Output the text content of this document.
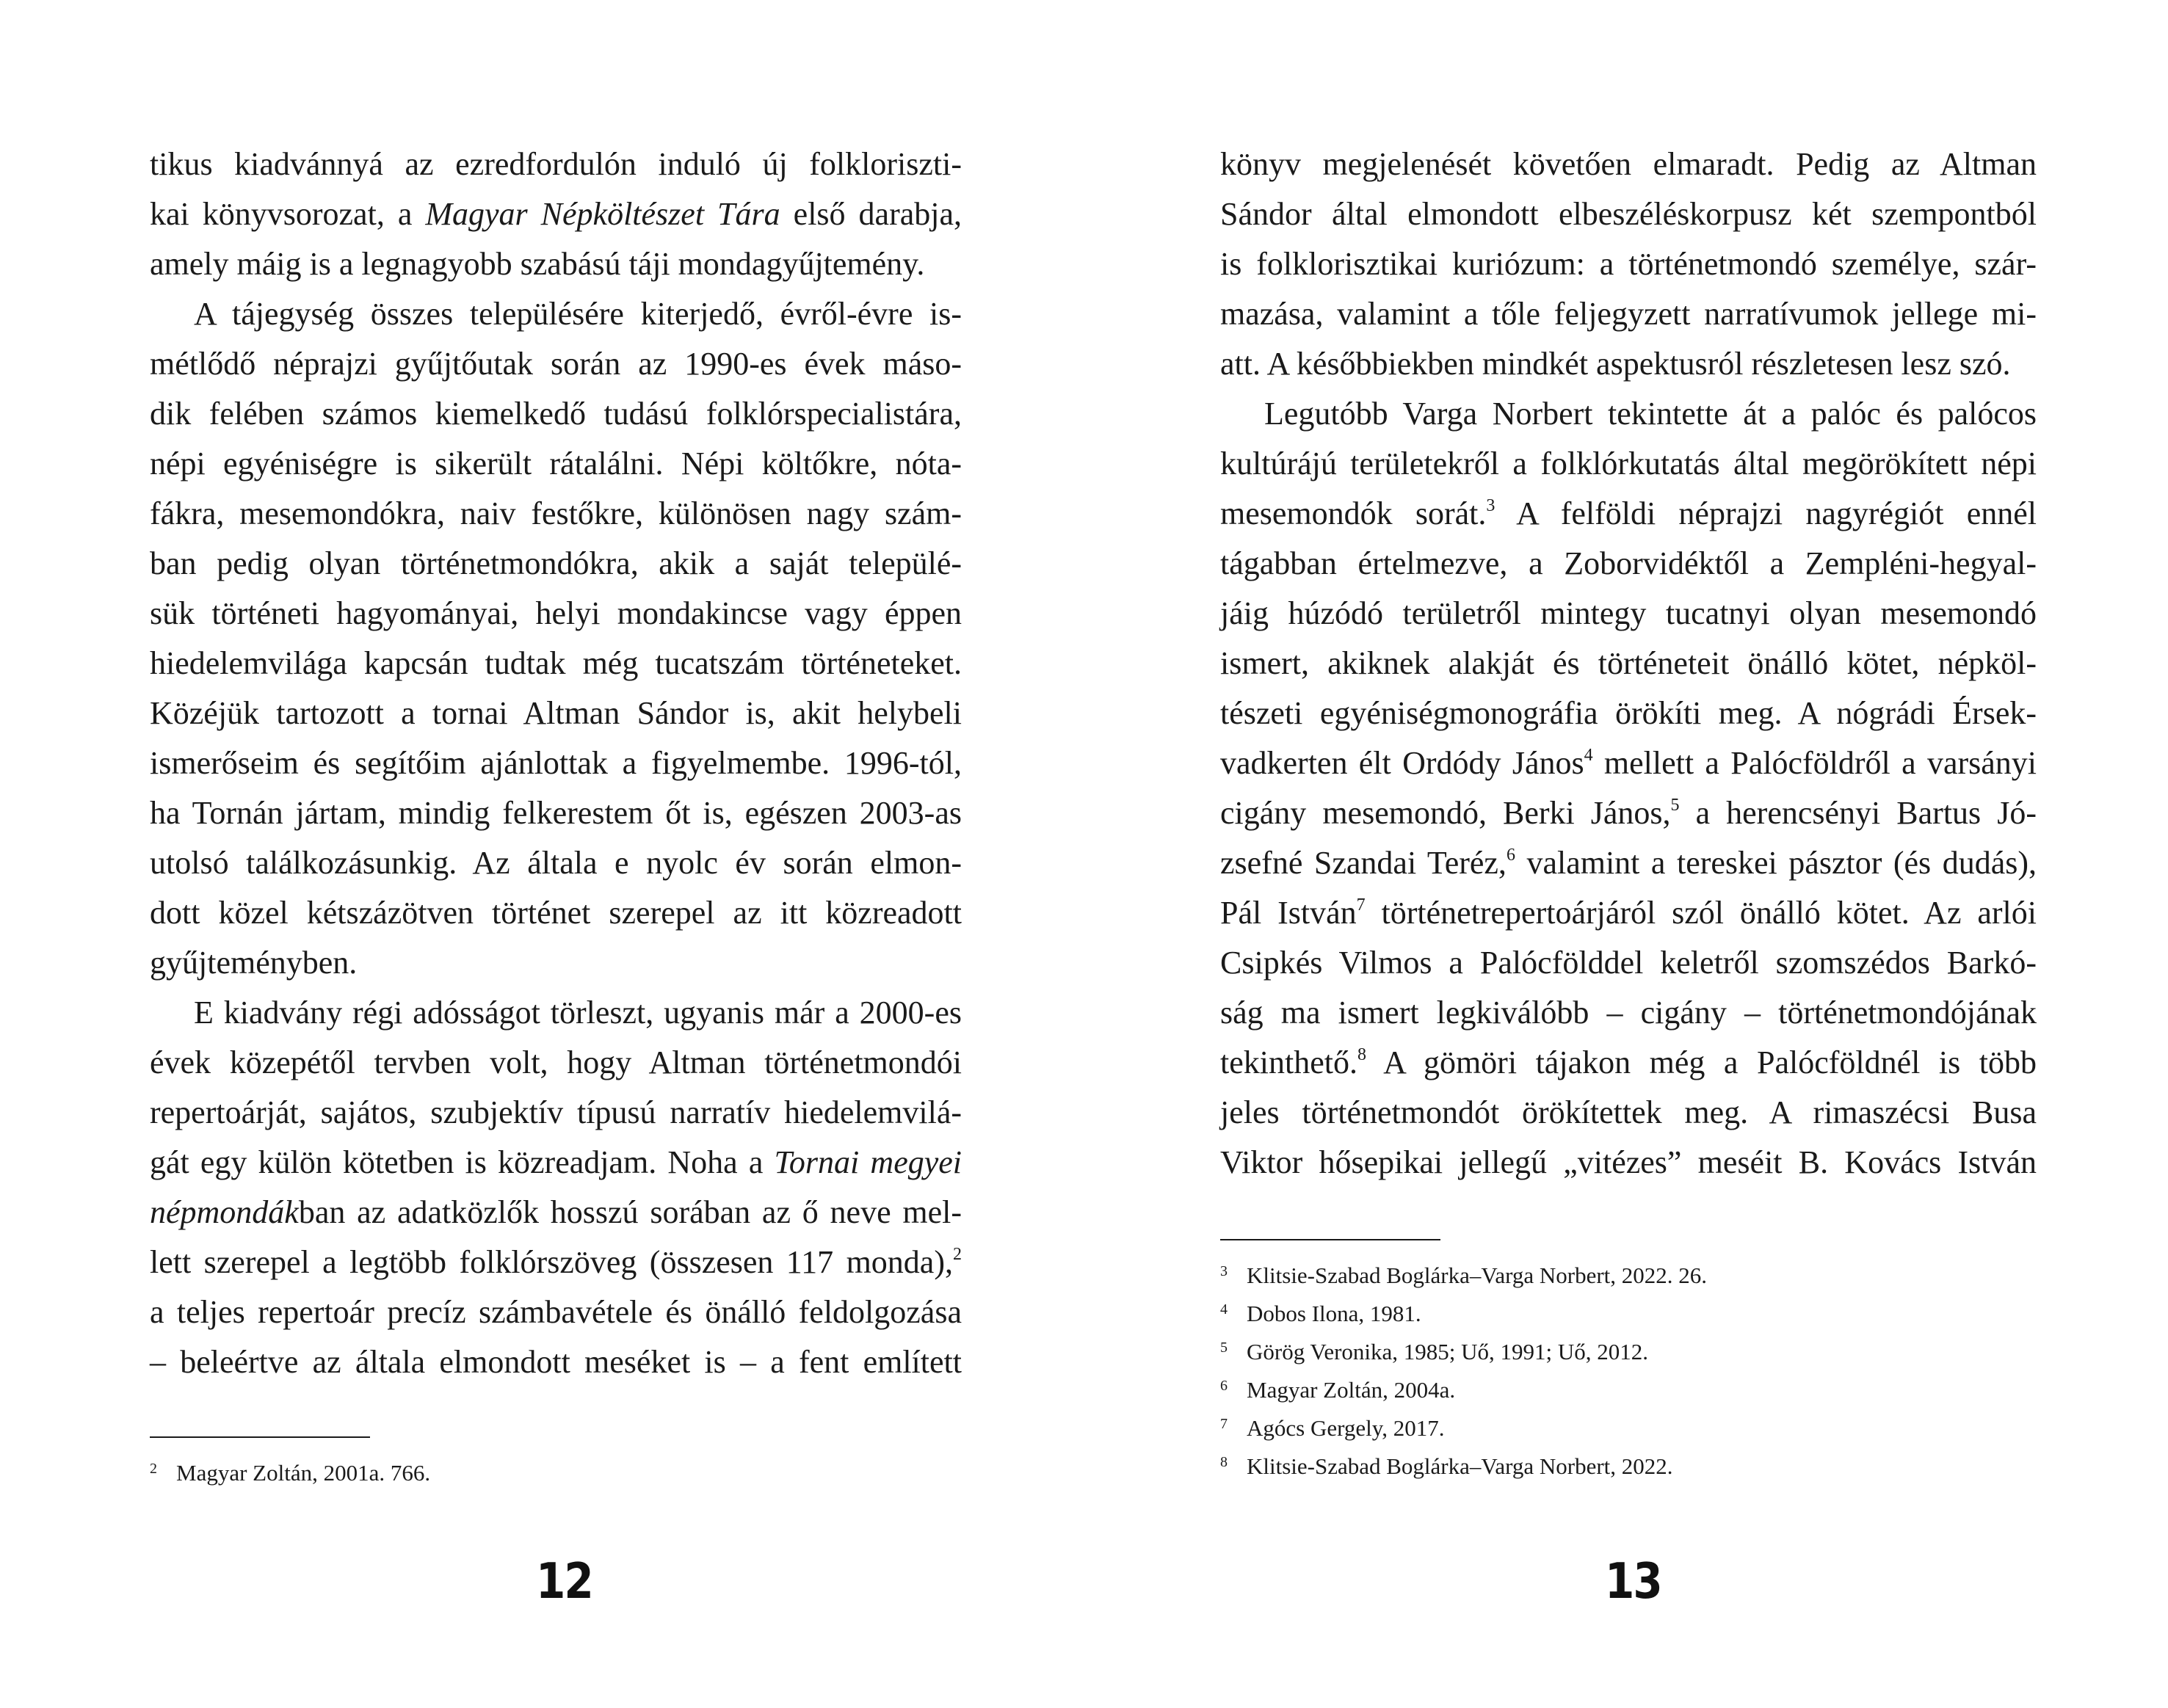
tikus kiadvánnyá az ezredfordulón induló új folkloriszti-
kai könyvsorozat, a Magyar Népköltészet Tára első darabja,
amely máig is a legnagyobb szabású táji mondagyűjtemény.
A tájegység összes településére kiterjedő, évről-évre is-
métlődő néprajzi gyűjtőutak során az 1990-es évek máso-
dik felében számos kiemelkedő tudású folklórspecialistára,
népi egyéniségre is sikerült rátalálni. Népi költőkre, nóta-
fákra, mesemondókra, naiv festőkre, különösen nagy szám-
ban pedig olyan történetmondókra, akik a saját települé-
sük történeti hagyományai, helyi mondakincse vagy éppen
hiedelemvilága kapcsán tudtak még tucatszám történeteket.
Közéjük tartozott a tornai Altman Sándor is, akit helybeli
ismerőseim és segítőim ajánlottak a figyelmembe. 1996-tól,
ha Tornán jártam, mindig felkerestem őt is, egészen 2003-as
utolsó találkozásunkig. Az általa e nyolc év során elmon-
dott közel kétszázötven történet szerepel az itt közreadott
gyűjteményben.
E kiadvány régi adósságot törleszt, ugyanis már a 2000-es
évek közepétől tervben volt, hogy Altman történetmondói
repertoárját, sajátos, szubjektív típusú narratív hiedelemvilá-
gát egy külön kötetben is közreadjam. Noha a Tornai megyei
népmondákban az adatközlők hosszú sorában az ő neve mel-
lett szerepel a legtöbb folklórszöveg (összesen 117 monda),$^2$
a teljes repertoár precíz számbavétele és önálló feldolgozása
– beleértve az általa elmondott meséket is – a fent említett
2 Magyar Zoltán, 2001a. 766.
12
könyv megjelenését követően elmaradt. Pedig az Altman
Sándor által elmondott elbeszéléskorpusz két szempontból
is folklorisztikai kuriózum: a történetmondó személye, szár-
mazása, valamint a tőle feljegyzett narratívumok jellege mi-
att. A későbbiekben mindkét aspektusról részletesen lesz szó.
Legutóbb Varga Norbert tekintette át a palóc és palócos
kultúrájú területekről a folklórkutatás által megörökített népi
mesemondók sorát.$^3$ A felföldi néprajzi nagyrégiót ennél
tágabban értelmezve, a Zoborvidéktől a Zempléni-hegyal-
jáig húzódó területről mintegy tucatnyi olyan mesemondó
ismert, akiknek alakját és történeteit önálló kötet, népköl-
tészeti egyéniségmonográfia örökíti meg. A nógrádi Érsek-
vadkerten élt Ordódy János$^4$ mellett a Palócföldről a varsányi
cigány mesemondó, Berki János,$^5$ a herencsényi Bartus Jó-
zsefné Szandai Teréz,$^6$ valamint a tereskei pásztor (és dudás),
Pál István$^7$ történetrepertoárjáról szól önálló kötet. Az arlói
Csipkés Vilmos a Palócfölddel keletről szomszédos Barkó-
ság ma ismert legkiválóbb – cigány – történetmondójának
tekinthető.$^8$ A gömöri tájakon még a Palócföldnél is több
jeles történetmondót örökítettek meg. A rimaszécsi Busa
Viktor hősepikai jellegű „vitézes” meséit B. Kovács István
3 Klitsie-Szabad Boglárka–Varga Norbert, 2022. 26.
4 Dobos Ilona, 1981.
5 Görög Veronika, 1985; Uő, 1991; Uő, 2012.
6 Magyar Zoltán, 2004a.
7 Agócs Gergely, 2017.
8 Klitsie-Szabad Boglárka–Varga Norbert, 2022.
13
